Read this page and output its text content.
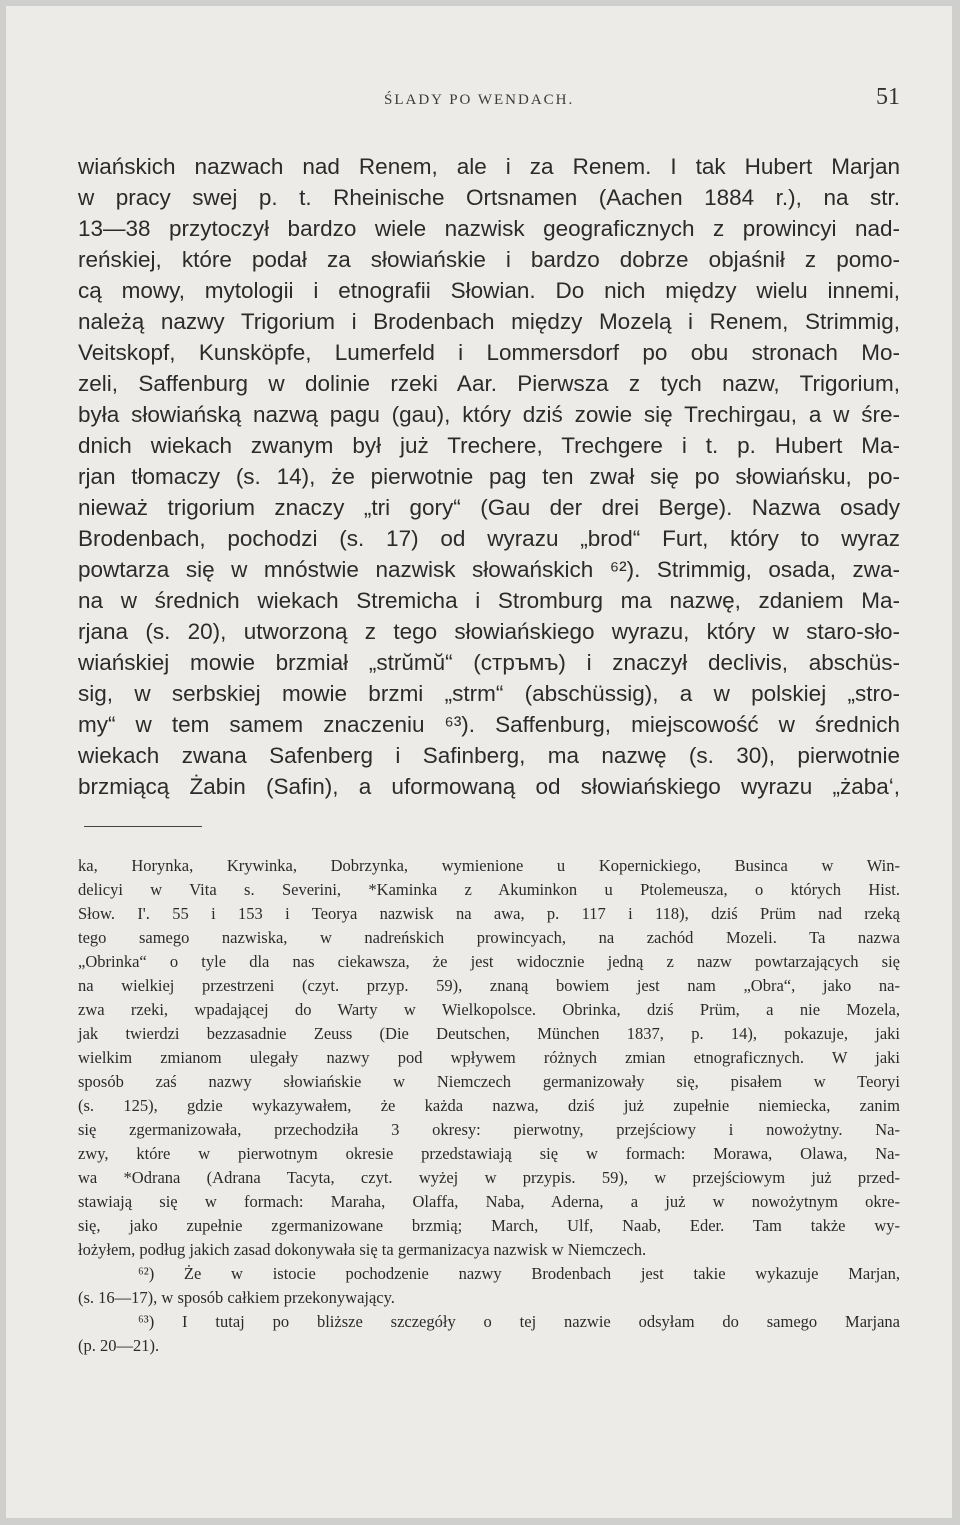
ŚLADY PO WENDACH.	51
wiańskich nazwach nad Renem, ale i za Renem. I tak Hubert Marjan
w pracy swej p. t. Rheinische Ortsnamen (Aachen 1884 r.), na str.
13—38 przytoczył bardzo wiele nazwisk geograficznych z prowincyi nad-
reńskiej, które podał za słowiańskie i bardzo dobrze objaśnił z pomo-
cą mowy, mytologii i etnografii Słowian. Do nich między wielu innemi,
należą nazwy Trigorium i Brodenbach między Mozelą i Renem, Strimmig,
Veitskopf, Kunsköpfe, Lumerfeld i Lommersdorf po obu stronach Mo-
zeli, Saffenburg w dolinie rzeki Aar. Pierwsza z tych nazw, Trigorium,
była słowiańską nazwą pagu (gau), który dziś zowie się Trechirgau, a w śre-
dnich wiekach zwanym był już Trechere, Trechgere i t. p. Hubert Ma-
rjan tłomaczy (s. 14), że pierwotnie pag ten zwał się po słowiańsku, po-
nieważ trigorium znaczy „tri gory“ (Gau der drei Berge). Nazwa osady
Brodenbach, pochodzi (s. 17) od wyrazu „brod“ Furt, który to wyraz
powtarza się w mnóstwie nazwisk słowańskich ⁶²). Strimmig, osada, zwa-
na w średnich wiekach Stremicha i Stromburg ma nazwę, zdaniem Ma-
rjana (s. 20), utworzoną z tego słowiańskiego wyrazu, który w staro-sło-
wiańskiej mowie brzmiał „strŭmŭ“ (стръмъ) i znaczył declivis, abschüs-
sig, w serbskiej mowie brzmi „strm“ (abschüssig), a w polskiej „stro-
my“ w tem samem znaczeniu ⁶³). Saffenburg, miejscowość w średnich
wiekach zwana Safenberg i Safinberg, ma nazwę (s. 30), pierwotnie
brzmiącą Żabin (Safin), a uformowaną od słowiańskiego wyrazu „żaba‘,
ka, Horynka, Krywinka, Dobrzynka, wymienione u Kopernickiego, Businca w Win-
delicyi w Vita s. Severini, *Kaminka z Akuminkon u Ptolemeusza, o których Hist.
Słow. I'. 55 i 153 i Teorya nazwisk na awa, p. 117 i 118), dziś Prüm nad rzeką
tego samego nazwiska, w nadreńskich prowincyach, na zachód Mozeli. Ta nazwa
„Obrinka“ o tyle dla nas ciekawsza, że jest widocznie jedną z nazw powtarzających się
na wielkiej przestrzeni (czyt. przyp. 59), znaną bowiem jest nam „Obra“, jako na-
zwa rzeki, wpadającej do Warty w Wielkopolsce. Obrinka, dziś Prüm, a nie Mozela,
jak twierdzi bezzasadnie Zeuss (Die Deutschen, München 1837, p. 14), pokazuje, jaki
wielkim zmianom ulegały nazwy pod wpływem różnych zmian etnograficznych. W jaki
sposób zaś nazwy słowiańskie w Niemczech germanizowały się, pisałem w Teoryi
(s. 125), gdzie wykazywałem, że każda nazwa, dziś już zupełnie niemiecka, zanim
się zgermanizowała, przechodziła 3 okresy: pierwotny, przejściowy i nowożytny. Na-
zwy, które w pierwotnym okresie przedstawiają się w formach: Morawa, Olawa, Na-
wa *Odrana (Adrana Tacyta, czyt. wyżej w przypis. 59), w przejściowym już przed-
stawiają się w formach: Maraha, Olaffa, Naba, Aderna, a już w nowożytnym okre-
się, jako zupełnie zgermanizowane brzmią; March, Ulf, Naab, Eder. Tam także wy-
łożyłem, podług jakich zasad dokonywała się ta germanizacya nazwisk w Niemczech.
⁶²) Że w istocie pochodzenie nazwy Brodenbach jest takie wykazuje Marjan,
(s. 16—17), w sposób całkiem przekonywający.
⁶³) I tutaj po bliższe szczegóły o tej nazwie odsyłam do samego Marjana
(p. 20—21).
